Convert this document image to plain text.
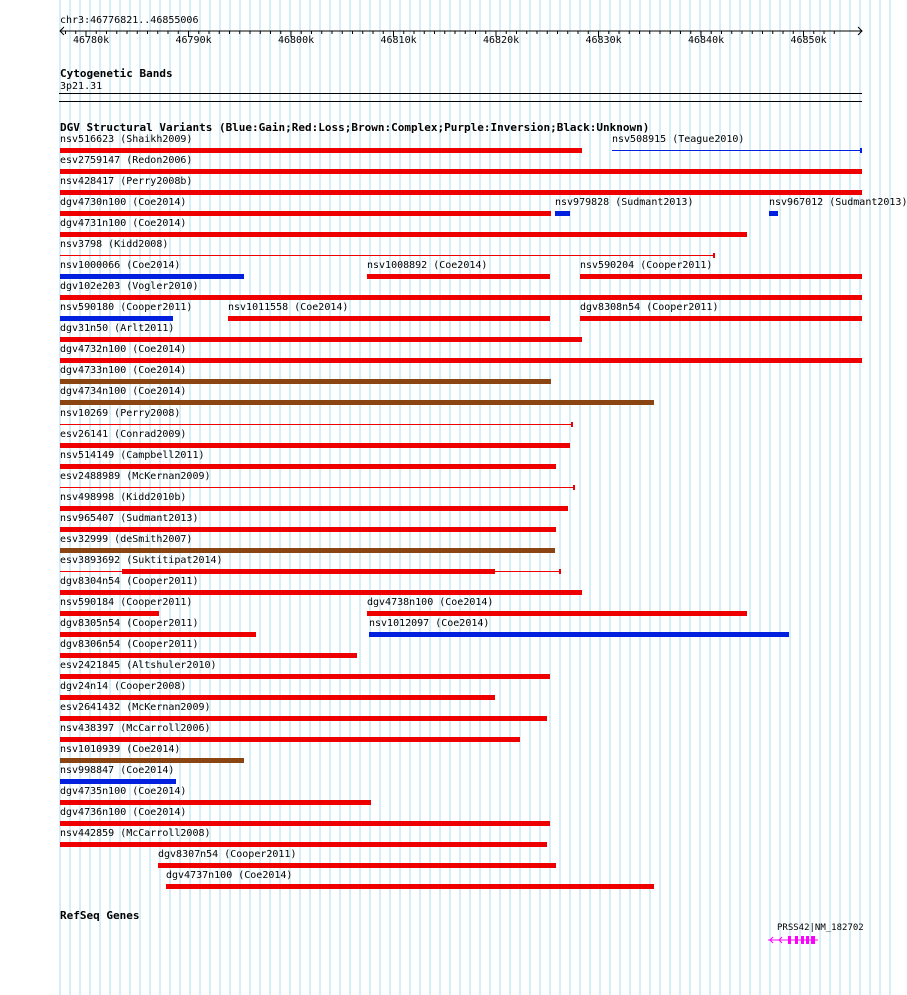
chr3:46776821..46855006
46780k	46790k	46800k	46810k	46820k	46830k	46840k	46850k
Cytogenetic Bands
3p21.31
DGV Structural Variants (Blue:Gain;Red:Loss;Brown:Complex;Purple:Inversion;Black:Unknown)
nsv516623 (Shaikh2009)	nsv508915 (Teague2010)
esv2759147 (Redon2006)
nsv428417 (Perry2008b)
dgv4730n100 (Coe2014)	nsv979828 (Sudmant2013)	nsv967012 (Sudmant2013)
dgv4731n100 (Coe2014)
nsv3798 (Kidd2008)
nsv1000066 (Coe2014)	nsv1008892 (Coe2014)	nsv590204 (Cooper2011)
dgv102e203 (Vogler2010)
nsv590180 (Cooper2011)	nsv1011558 (Coe2014)	dgv8308n54 (Cooper2011)
dgv31n50 (Arlt2011)
dgv4732n100 (Coe2014)
dgv4733n100 (Coe2014)
dgv4734n100 (Coe2014)
nsv10269 (Perry2008)
esv26141 (Conrad2009)
nsv514149 (Campbell2011)
esv2488989 (McKernan2009)
nsv498998 (Kidd2010b)
nsv965407 (Sudmant2013)
esv32999 (deSmith2007)
esv3893692 (Suktitipat2014)
dgv8304n54 (Cooper2011)
nsv590184 (Cooper2011)	dgv4738n100 (Coe2014)
dgv8305n54 (Cooper2011)	nsv1012097 (Coe2014)
dgv8306n54 (Cooper2011)
esv2421845 (Altshuler2010)
dgv24n14 (Cooper2008)
esv2641432 (McKernan2009)
nsv438397 (McCarroll2006)
nsv1010939 (Coe2014)
nsv998847 (Coe2014)
dgv4735n100 (Coe2014)
dgv4736n100 (Coe2014)
nsv442859 (McCarroll2008)
dgv8307n54 (Cooper2011)
dgv4737n100 (Coe2014)
RefSeq Genes
PRSS42|NM_182702
